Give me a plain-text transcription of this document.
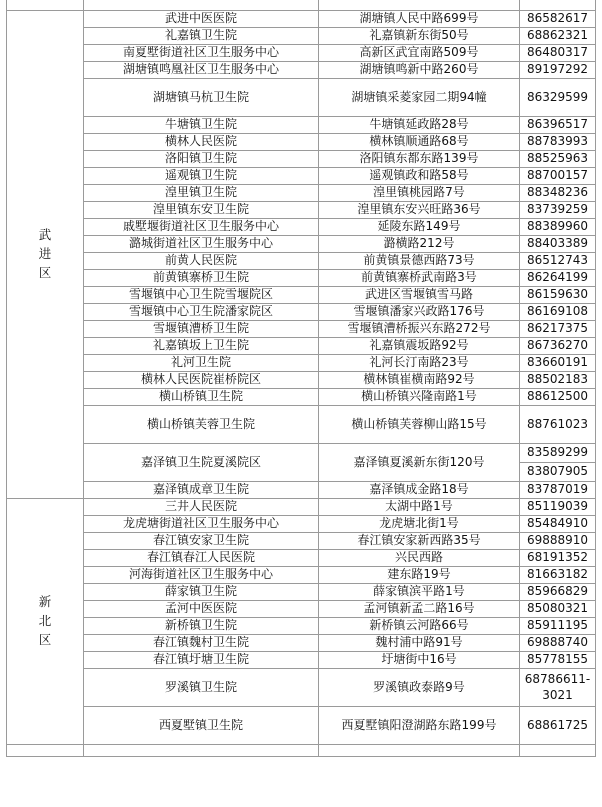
武
进
区	武进中医医院	湖塘镇人民中路699号	86582617
	礼嘉镇卫生院	礼嘉镇新东街50号	68862321
	南夏墅街道社区卫生服务中心	高新区武宜南路509号	86480317
	湖塘镇鸣凰社区卫生服务中心	湖塘镇鸣新中路260号	89197292
	湖塘镇马杭卫生院	湖塘镇采菱家园二期94幢	86329599
	牛塘镇卫生院	牛塘镇延政路28号	86396517
	横林人民医院	横林镇顺通路68号	88783993
	洛阳镇卫生院	洛阳镇东都东路139号	88525963
	遥观镇卫生院	遥观镇政和路58号	88700157
	湟里镇卫生院	湟里镇桃园路7号	88348236
	湟里镇东安卫生院	湟里镇东安兴旺路36号	83739259
	戚墅堰街道社区卫生服务中心	延陵东路149号	88389960
	潞城街道社区卫生服务中心	潞横路212号	88403389
	前黄人民医院	前黄镇景德西路73号	86512743
	前黄镇寨桥卫生院	前黄镇寨桥武南路3号	86264199
	雪堰镇中心卫生院雪堰院区	武进区雪堰镇雪马路	86159630
	雪堰镇中心卫生院潘家院区	雪堰镇潘家兴政路176号	86169108
	雪堰镇漕桥卫生院	雪堰镇漕桥振兴东路272号	86217375
	礼嘉镇坂上卫生院	礼嘉镇震坂路92号	86736270
	礼河卫生院	礼河长汀南路23号	83660191
	横林人民医院崔桥院区	横林镇崔横南路92号	88502183
	横山桥镇卫生院	横山桥镇兴隆南路1号	88612500
	横山桥镇芙蓉卫生院	横山桥镇芙蓉柳山路15号	88761023
	嘉泽镇卫生院夏溪院区	嘉泽镇夏溪新东街120号	83589299
			83807905
	嘉泽镇成章卫生院	嘉泽镇成金路18号	83787019

新
北
区	三井人民医院	太湖中路1号	85119039
	龙虎塘街道社区卫生服务中心	龙虎塘北街1号	85484910
	春江镇安家卫生院	春江镇安家新西路35号	69888910
	春江镇春江人民医院	兴民西路	68191352
	河海街道社区卫生服务中心	建东路19号	81663182
	薛家镇卫生院	薛家镇滨平路1号	85966829
	孟河中医医院	孟河镇新孟二路16号	85080321
	新桥镇卫生院	新桥镇云河路66号	85911195
	春江镇魏村卫生院	魏村浦中路91号	69888740
	春江镇圩塘卫生院	圩塘街中16号	85778155
	罗溪镇卫生院	罗溪镇政泰路9号	68786611-3021
	西夏墅镇卫生院	西夏墅镇阳澄湖路东路199号	68861725
